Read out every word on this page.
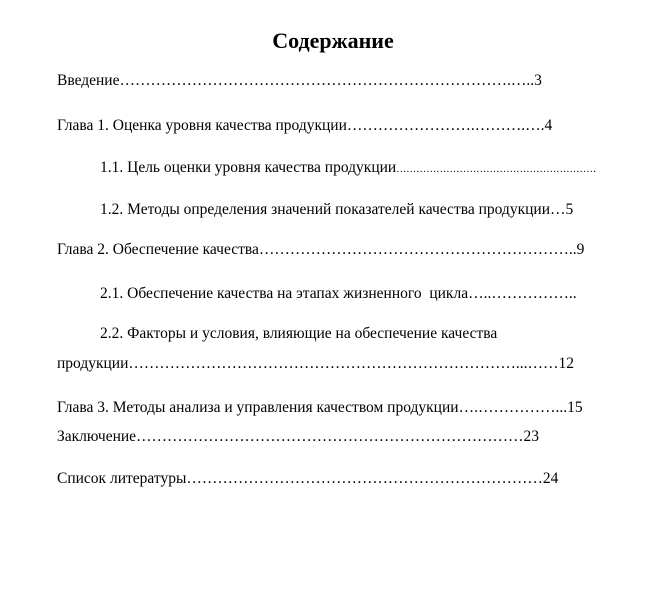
Содержание

Введение………………………………………………………………….…..3

Глава 1. Оценка уровня качества продукции…………………….……….….4

1.1. Цель оценки уровня качества продукции……………………………………………………

1.2. Методы определения значений показателей качества продукции…5

Глава 2. Обеспечение качества……………………………………………………..9

2.1. Обеспечение качества на этапах жизненного  цикла…..……………..

2.2. Факторы и условия, влияющие на обеспечение качества

продукции…………………………………………………………………...……12

Глава 3. Методы анализа и управления качеством продукции….……………...15

Заключение…………………………………………………………………23

Список литературы……………………………………………………………24
